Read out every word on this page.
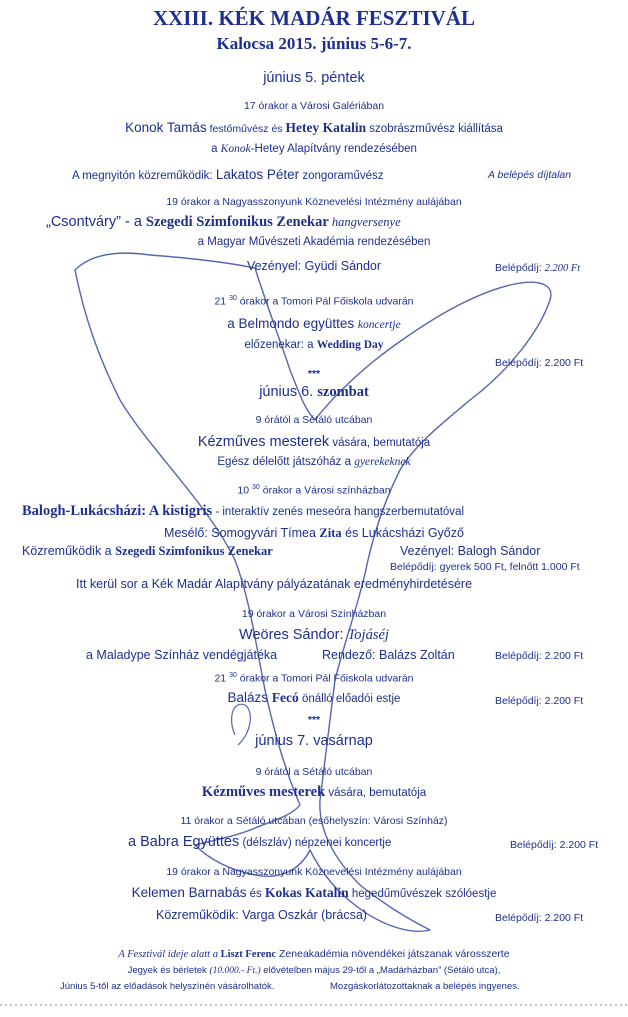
XXIII. KÉK MADÁR FESZTIVÁL
Kalocsa 2015. június 5-6-7.
június 5. péntek
17 órakor a Városi Galériában
Konok Tamás festőművész és Hetey Katalin szobrászművész kiállítása
a Konok-Hetey Alapítvány rendezésében
A megnyitón közreműködik: Lakatos Péter zongoraművész	A belépés díjtalan
19 órakor a Nagyasszonyunk Köznevelési Intézmény aulájában
„Csontváry” - a Szegedi Szimfonikus Zenekar hangversenye
a Magyar Művészeti Akadémia rendezésében
Vezényel: Gyüdi Sándor	Belépődíj: 2.200 Ft
21 $^{30}$ órakor a Tomori Pál Főiskola udvarán
a Belmondo együttes koncertje
előzenekar: a Wedding Day
Belépődíj: 2.200 Ft
***
június 6. szombat
9 órától a Sétáló utcában
Kézműves mesterek vására, bemutatója
Egész délelőtt játszóház a gyerekeknek
10 $^{30}$ órakor a Városi színházban
Balogh-Lukácsházi: A kistigris - interaktív zenés meseóra hangszerbemutatóval
Mesélő: Somogyvári Tímea Zita és Lukácsházi Győző
Közreműködik a Szegedi Szimfonikus Zenekar	Vezényel: Balogh Sándor
Belépődíj: gyerek 500 Ft, felnőtt 1.000 Ft
Itt kerül sor a Kék Madár Alapítvány pályázatának eredményhirdetésére
19 órakor a Városi Színházban
Weöres Sándor: Tojáséj
a Maladype Színház vendégjátéka	Rendező: Balázs Zoltán	Belépődíj: 2.200 Ft
21 $^{30}$ órakor a Tomori Pál Főiskola udvarán
Balázs Fecó önálló előadói estje	Belépődíj: 2.200 Ft
***
június 7. vasárnap
9 órától a Sétáló utcában
Kézműves mesterek vására, bemutatója
11 órakor a Sétáló utcában (esőhelyszín: Városi Színház)
a Babra Együttes (délszláv) népzenei koncertje	Belépődíj: 2.200 Ft
19 órakor a Nagyasszonyunk Köznevelési Intézmény aulájában
Kelemen Barnabás és Kokas Katalin hegedűművészek szólóestje
Közreműködik: Varga Oszkár (brácsa)	Belépődíj: 2.200 Ft
A Fesztivál ideje alatt a Liszt Ferenc Zeneakadémia növendékei játszanak városszerte
Jegyek és bérletek (10.000.- Ft.) elővételben május 29-től a „Madárházban” (Sétáló utca),
Június 5-től az előadások helyszínén vásárolhatók.	Mozgáskorlátozottaknak a belépés ingyenes.
